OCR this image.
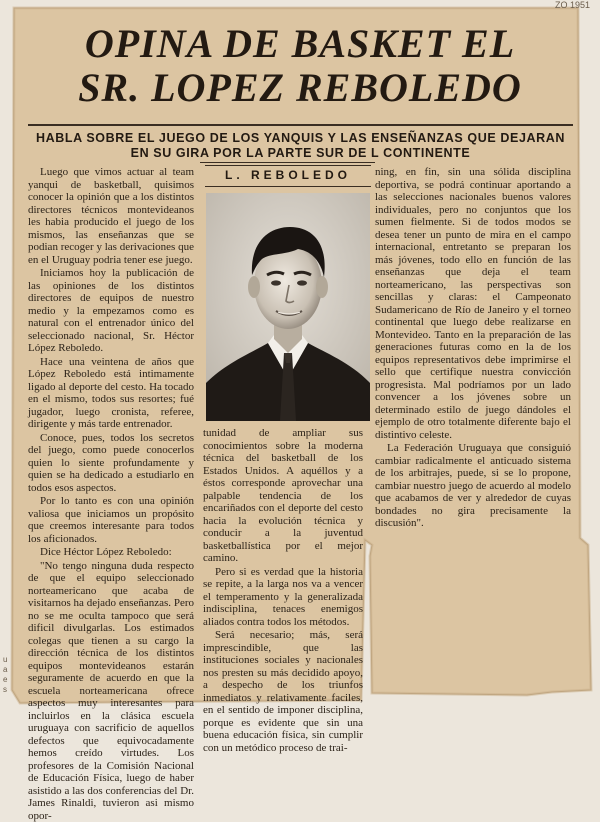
ZO 1951
OPINA DE BASKET EL
SR. LOPEZ REBOLEDO

HABLA SOBRE EL JUEGO DE LOS YANQUIS Y LAS ENSEÑANZAS QUE DEJARAN EN SU GIRA POR LA PARTE SUR DE L CONTINENTE

L. REBOLEDO

Luego que vimos actuar al team yanqui de basketball, quisimos conocer la opinión que a los distintos directores técnicos montevideanos les habia producido el juego de los mismos, las enseñanzas que se podian recoger y las derivaciones que en el Uruguay podria tener ese juego.

Iniciamos hoy la publicación de las opiniones de los distintos directores de equipos de nuestro medio y la empezamos como es natural con el entrenador único del seleccionado nacional, Sr. Héctor López Reboledo.

Hace una veintena de años que López Reboledo está intimamente ligado al deporte del cesto. Ha tocado en el mismo, todos sus resortes; fué jugador, luego cronista, referee, dirigente y más tarde entrenador.

Conoce, pues, todos los secretos del juego, como puede conocerlos quien lo siente profundamente y quien se ha dedicado a estudiarlo en todos esos aspectos.

Por lo tanto es con una opinión valiosa que iniciamos un propósito que creemos interesante para todos los aficionados.

Dice Héctor López Reboledo:

"No tengo ninguna duda respecto de que el equipo seleccionado norteamericano que acaba de visitarnos ha dejado enseñanzas. Pero no se me oculta tampoco que será dificil divulgarlas. Los estimados colegas que tienen a su cargo la dirección técnica de los distintos equipos montevideanos estarán seguramente de acuerdo en que la escuela norteamericana ofrece aspectos muy interesantes para incluirlos en la clásica escuela uruguaya con sacrificio de aquellos defectos que equivocadamente hemos creído virtudes. Los profesores de la Comisión Nacional de Educación Física, luego de haber asistido a las dos conferencias del Dr. James Rinaldi, tuvieron asi mismo opor-

tunidad de ampliar sus conocimientos sobre la moderna técnica del basketball de los Estados Unidos. A aquéllos y a éstos corresponde aprovechar una palpable tendencia de los encariñados con el deporte del cesto hacia la evolución técnica y conducir a la juventud basketballística por el mejor camino.

Pero si es verdad que la historia se repite, a la larga nos va a vencer el temperamento y la generalizada indisciplina, tenaces enemigos aliados contra todos los métodos.

Será necesario; más, será imprescindible, que las instituciones sociales y nacionales nos presten su más decidido apoyo, a despecho de los triunfos inmediatos y relativamente faciles, en el sentido de imponer disciplina, porque es evidente que sin una buena educación física, sin cumplir con un metódico proceso de trai-

ning, en fin, sin una sólida disciplina deportiva, se podrá continuar aportando a las selecciones nacionales buenos valores individuales, pero no conjuntos que los sumen fielmente. Si de todos modos se desea tener un punto de mira en el campo internacional, entretanto se preparan los más jóvenes, todo ello en función de las enseñanzas que deja el team norteamericano, las perspectivas son sencillas y claras: el Campeonato Sudamericano de Río de Janeiro y el torneo continental que luego debe realizarse en Montevideo. Tanto en la preparación de las generaciones futuras como en la de los equipos representativos debe imprimirse el sello que certifique nuestra convicción progresista. Mal podríamos por un lado convencer a los jóvenes sobre un determinado estilo de juego dándoles el ejemplo de otro totalmente diferente bajo el distintivo celeste.

La Federación Uruguaya que consiguió cambiar radicalmente el anticuado sistema de los arbitrajes, puede, si se lo propone, cambiar nuestro juego de acuerdo al modelo que acabamos de ver y alrededor de cuyas bondades no gira precisamente la discusión".

u a e s
